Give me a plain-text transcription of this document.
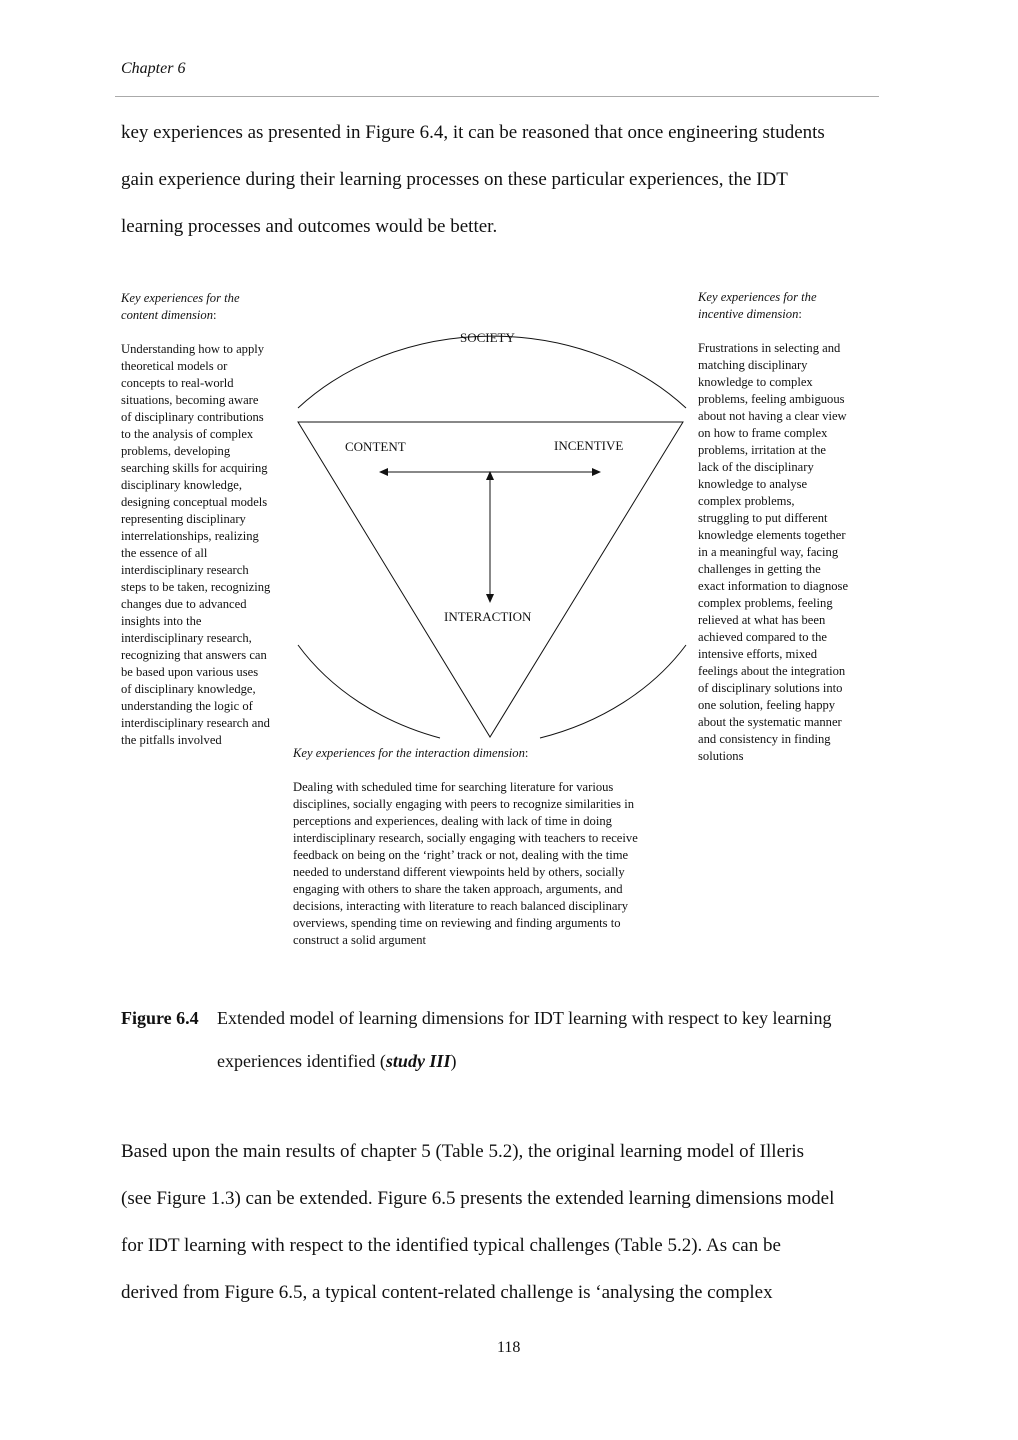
Chapter 6
key experiences as presented in Figure 6.4, it can be reasoned that once engineering students
gain experience during their learning processes on these particular experiences, the IDT
learning processes and outcomes would be better.
SOCIETY
CONTENT	INCENTIVE
INTERACTION
Key experiences for the
content dimension:

Understanding how to apply
theoretical models or
concepts to real-world
situations, becoming aware
of disciplinary contributions
to the analysis of complex
problems, developing
searching skills for acquiring
disciplinary knowledge,
designing conceptual models
representing disciplinary
interrelationships, realizing
the essence of all
interdisciplinary research
steps to be taken, recognizing
changes due to advanced
insights into the
interdisciplinary research,
recognizing that answers can
be based upon various uses
of disciplinary knowledge,
understanding the logic of
interdisciplinary research and
the pitfalls involved
Key experiences for the
incentive dimension:

Frustrations in selecting and
matching disciplinary
knowledge to complex
problems, feeling ambiguous
about not having a clear view
on how to frame complex
problems, irritation at the
lack of the disciplinary
knowledge to analyse
complex problems,
struggling to put different
knowledge elements together
in a meaningful way, facing
challenges in getting the
exact information to diagnose
complex problems, feeling
relieved at what has been
achieved compared to the
intensive efforts, mixed
feelings about the integration
of disciplinary solutions into
one solution, feeling happy
about the systematic manner
and consistency in finding
solutions
Key experiences for the interaction dimension:

Dealing with scheduled time for searching literature for various
disciplines, socially engaging with peers to recognize similarities in
perceptions and experiences, dealing with lack of time in doing
interdisciplinary research, socially engaging with teachers to receive
feedback on being on the ‘right’ track or not, dealing with the time
needed to understand different viewpoints held by others, socially
engaging with others to share the taken approach, arguments, and
decisions, interacting with literature to reach balanced disciplinary
overviews, spending time on reviewing and finding arguments to
construct a solid argument
Figure 6.4 Extended model of learning dimensions for IDT learning with respect to key learning
experiences identified (study III)
Based upon the main results of chapter 5 (Table 5.2), the original learning model of Illeris
(see Figure 1.3) can be extended. Figure 6.5 presents the extended learning dimensions model
for IDT learning with respect to the identified typical challenges (Table 5.2). As can be
derived from Figure 6.5, a typical content-related challenge is ‘analysing the complex
118
